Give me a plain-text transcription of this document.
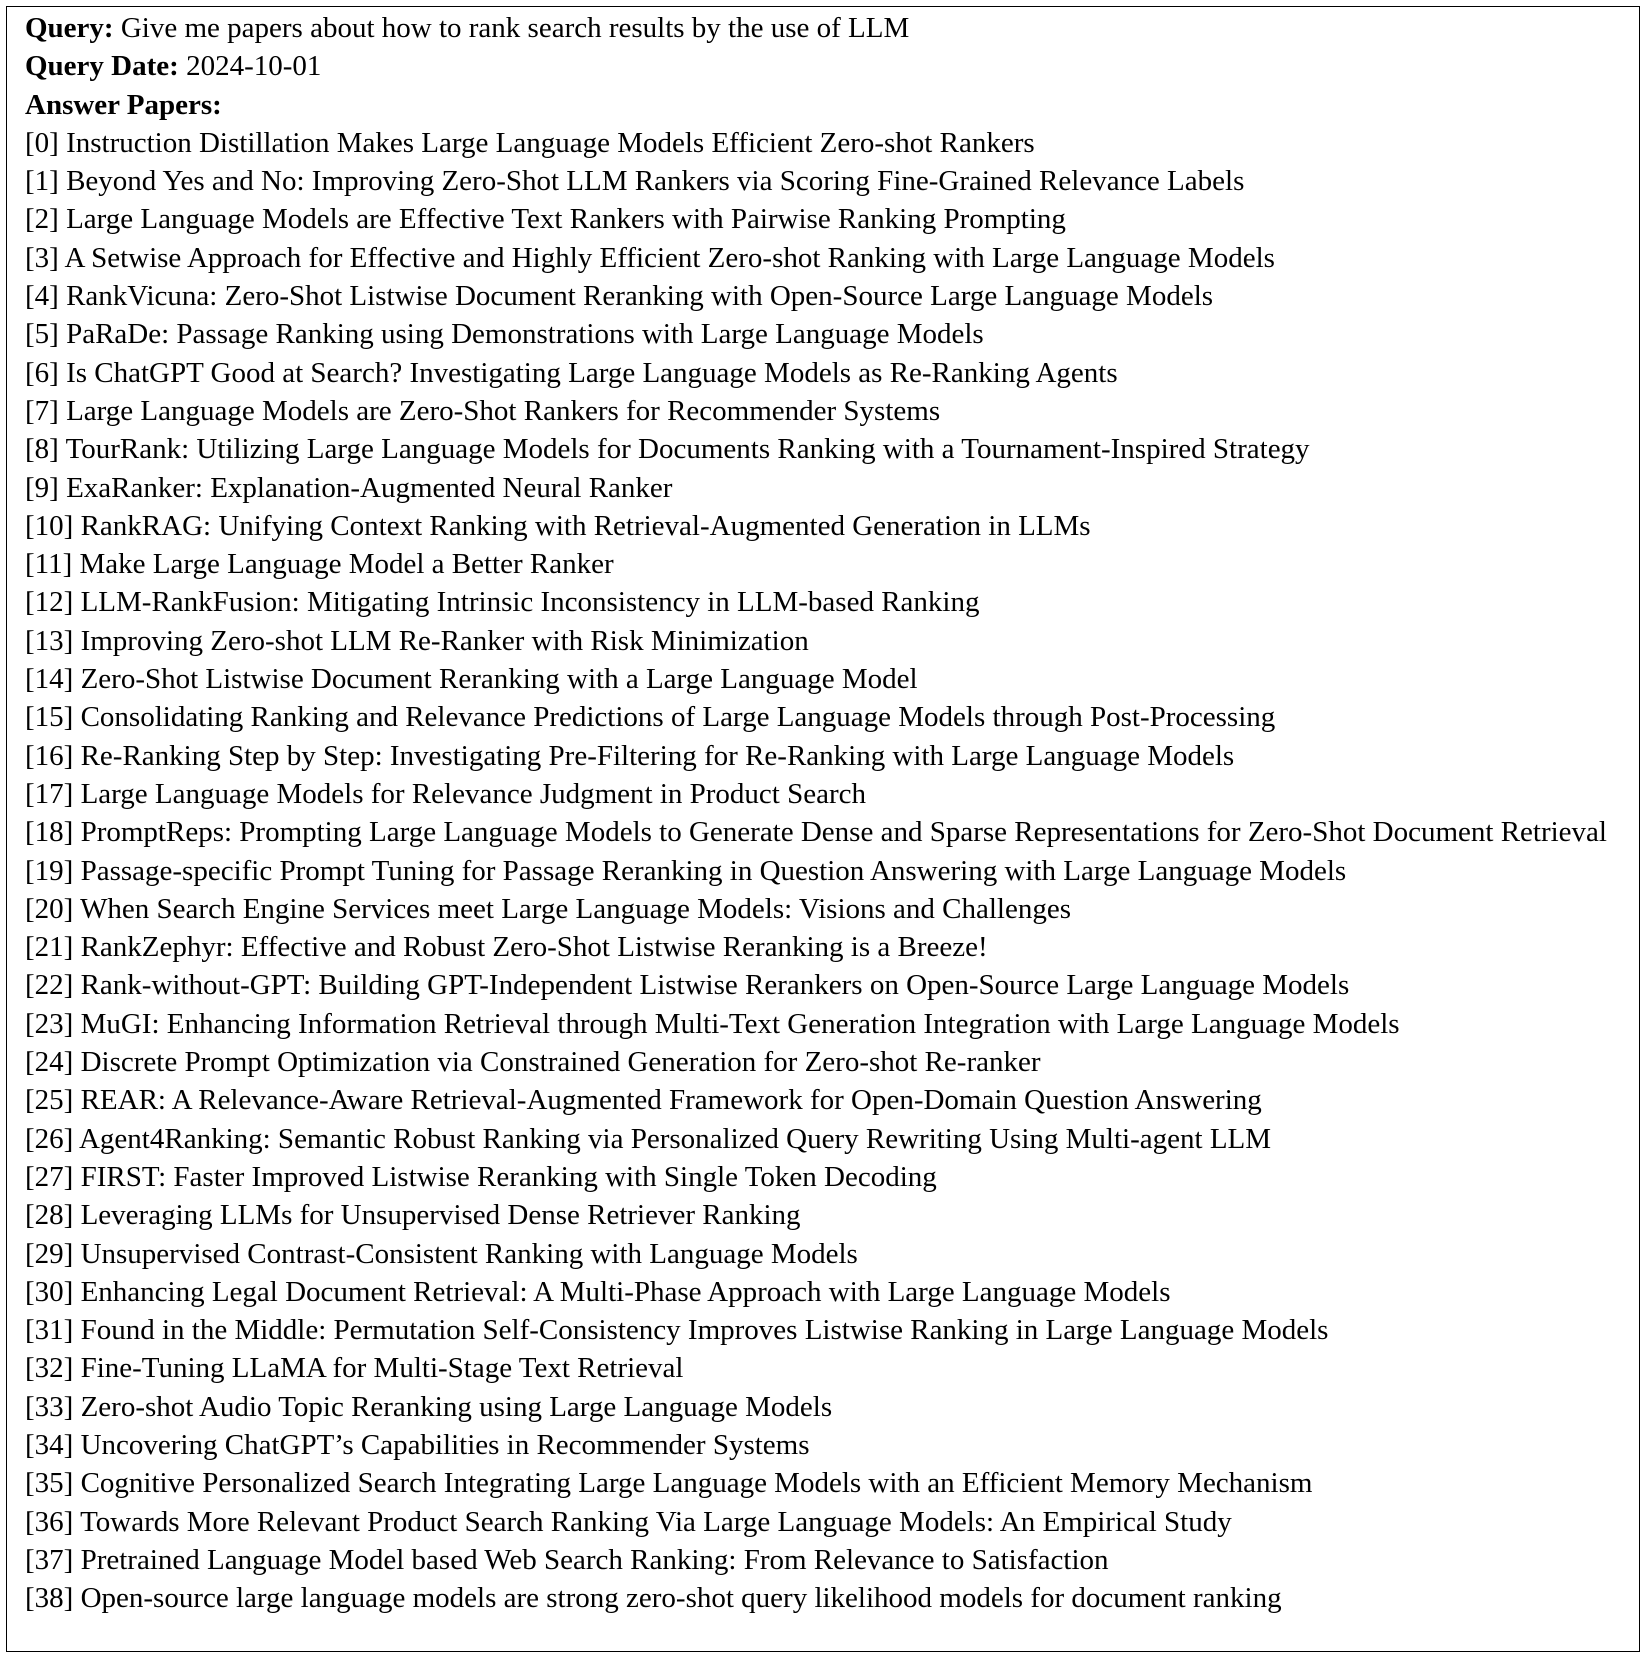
Query: Give me papers about how to rank search results by the use of LLM
Query Date: 2024-10-01
Answer Papers:
[0] Instruction Distillation Makes Large Language Models Efficient Zero-shot Rankers
[1] Beyond Yes and No: Improving Zero-Shot LLM Rankers via Scoring Fine-Grained Relevance Labels
[2] Large Language Models are Effective Text Rankers with Pairwise Ranking Prompting
[3] A Setwise Approach for Effective and Highly Efficient Zero-shot Ranking with Large Language Models
[4] RankVicuna: Zero-Shot Listwise Document Reranking with Open-Source Large Language Models
[5] PaRaDe: Passage Ranking using Demonstrations with Large Language Models
[6] Is ChatGPT Good at Search? Investigating Large Language Models as Re-Ranking Agents
[7] Large Language Models are Zero-Shot Rankers for Recommender Systems
[8] TourRank: Utilizing Large Language Models for Documents Ranking with a Tournament-Inspired Strategy
[9] ExaRanker: Explanation-Augmented Neural Ranker
[10] RankRAG: Unifying Context Ranking with Retrieval-Augmented Generation in LLMs
[11] Make Large Language Model a Better Ranker
[12] LLM-RankFusion: Mitigating Intrinsic Inconsistency in LLM-based Ranking
[13] Improving Zero-shot LLM Re-Ranker with Risk Minimization
[14] Zero-Shot Listwise Document Reranking with a Large Language Model
[15] Consolidating Ranking and Relevance Predictions of Large Language Models through Post-Processing
[16] Re-Ranking Step by Step: Investigating Pre-Filtering for Re-Ranking with Large Language Models
[17] Large Language Models for Relevance Judgment in Product Search
[18] PromptReps: Prompting Large Language Models to Generate Dense and Sparse Representations for Zero-Shot Document Retrieval
[19] Passage-specific Prompt Tuning for Passage Reranking in Question Answering with Large Language Models
[20] When Search Engine Services meet Large Language Models: Visions and Challenges
[21] RankZephyr: Effective and Robust Zero-Shot Listwise Reranking is a Breeze!
[22] Rank-without-GPT: Building GPT-Independent Listwise Rerankers on Open-Source Large Language Models
[23] MuGI: Enhancing Information Retrieval through Multi-Text Generation Integration with Large Language Models
[24] Discrete Prompt Optimization via Constrained Generation for Zero-shot Re-ranker
[25] REAR: A Relevance-Aware Retrieval-Augmented Framework for Open-Domain Question Answering
[26] Agent4Ranking: Semantic Robust Ranking via Personalized Query Rewriting Using Multi-agent LLM
[27] FIRST: Faster Improved Listwise Reranking with Single Token Decoding
[28] Leveraging LLMs for Unsupervised Dense Retriever Ranking
[29] Unsupervised Contrast-Consistent Ranking with Language Models
[30] Enhancing Legal Document Retrieval: A Multi-Phase Approach with Large Language Models
[31] Found in the Middle: Permutation Self-Consistency Improves Listwise Ranking in Large Language Models
[32] Fine-Tuning LLaMA for Multi-Stage Text Retrieval
[33] Zero-shot Audio Topic Reranking using Large Language Models
[34] Uncovering ChatGPT’s Capabilities in Recommender Systems
[35] Cognitive Personalized Search Integrating Large Language Models with an Efficient Memory Mechanism
[36] Towards More Relevant Product Search Ranking Via Large Language Models: An Empirical Study
[37] Pretrained Language Model based Web Search Ranking: From Relevance to Satisfaction
[38] Open-source large language models are strong zero-shot query likelihood models for document ranking
